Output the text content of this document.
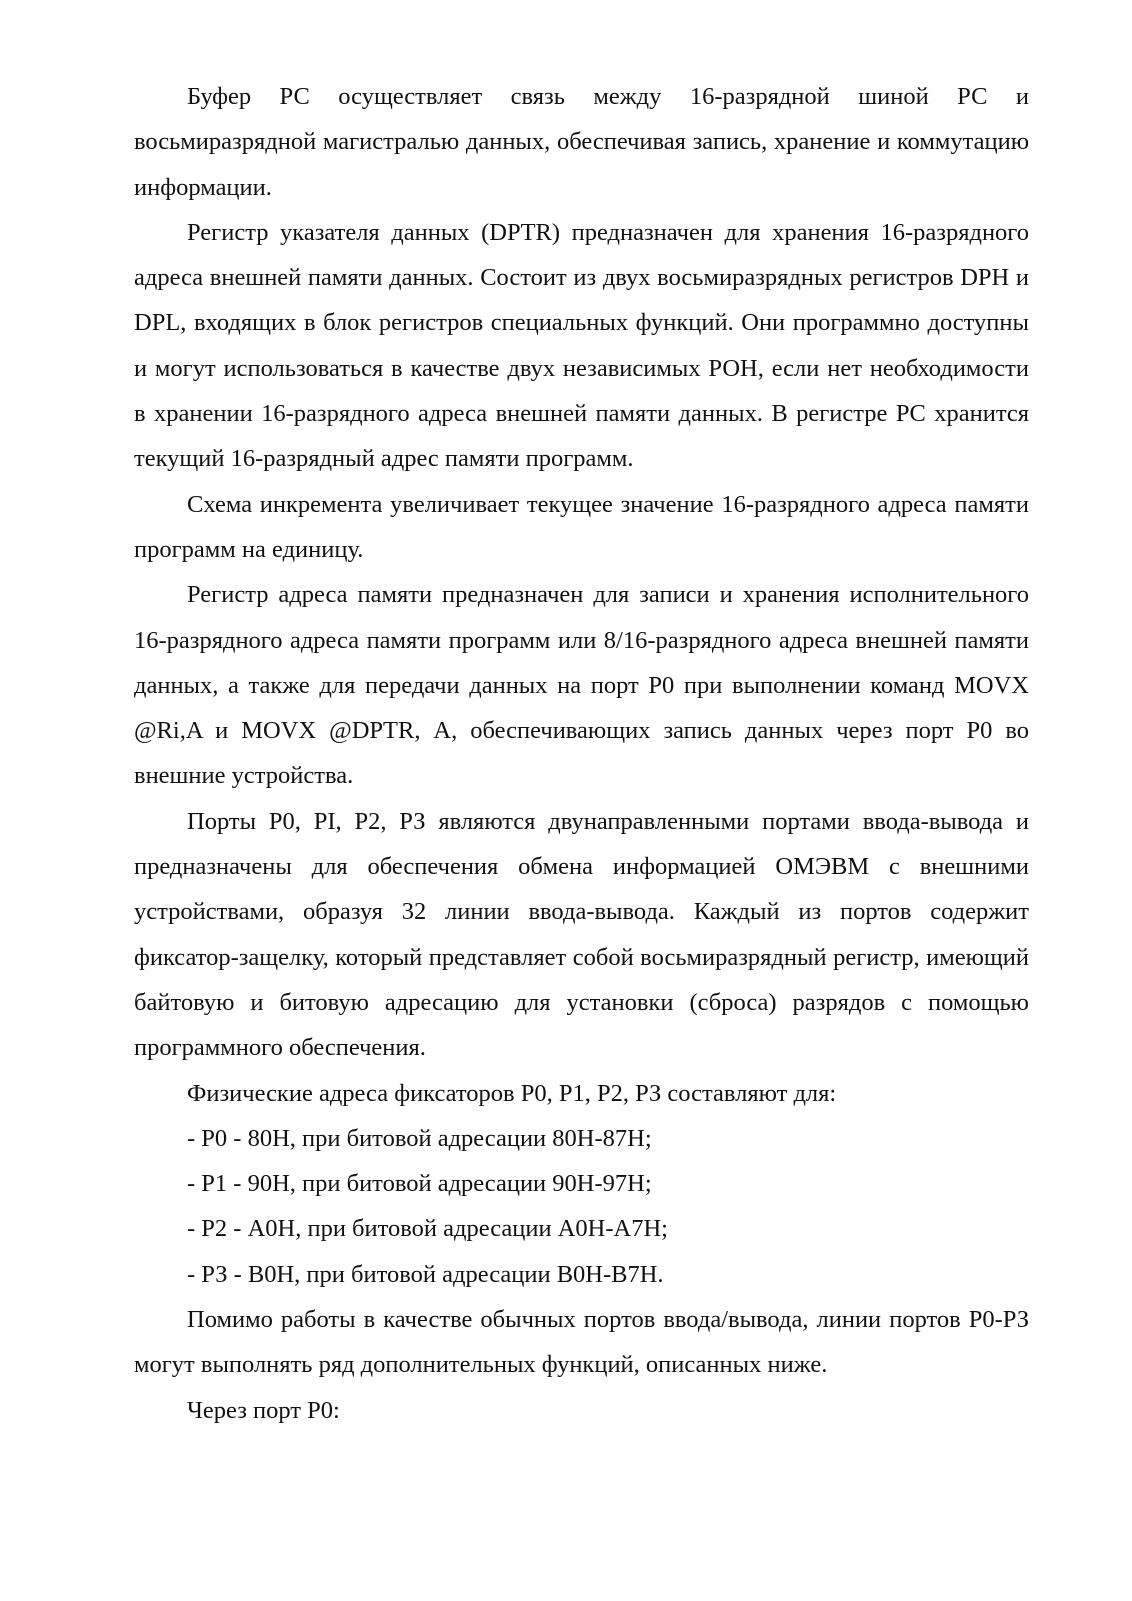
Буфер РС осуществляет связь между 16-разрядной шиной РС и восьмиразрядной магистралью данных, обеспечивая запись, хранение и коммутацию информации.

Регистр указателя данных (DPTR) предназначен для хранения 16-разрядного адреса внешней памяти данных. Состоит из двух восьмиразрядных регистров DPH и DPL, входящих в блок регистров специальных функций. Они программно доступны и могут использоваться в качестве двух независимых РОН, если нет необходимости в хранении 16-разрядного адреса внешней памяти данных. В регистре PC хранится текущий 16-разрядный адрес памяти программ.

Схема инкремента увеличивает текущее значение 16-разрядного адреса памяти программ на единицу.

Регистр адреса памяти предназначен для записи и хранения исполнительного 16-разрядного адреса памяти программ или 8/16-разрядного адреса внешней памяти данных, а также для передачи данных на порт Р0 при выполнении команд MOVX @Ri,A и MOVX @DPTR, А, обеспечивающих запись данных через порт Р0 во внешние устройства.

Порты Р0, PI, Р2, РЗ являются двунаправленными портами ввода-вывода и предназначены для обеспечения обмена информацией ОМЭВМ с внешними устройствами, образуя 32 линии ввода-вывода. Каждый из портов содержит фиксатор-защелку, который представляет собой восьмиразрядный регистр, имеющий байтовую и битовую адресацию для установки (сброса) разрядов с помощью программного обеспечения.

Физические адреса фиксаторов Р0, Р1, Р2, РЗ составляют для:

- Р0 - 80Н, при битовой адресации 80Н-87Н;

- Р1 - 90Н, при битовой адресации 90Н-97Н;

- Р2 - А0Н, при битовой адресации А0Н-А7Н;

- РЗ - В0Н, при битовой адресации В0Н-В7Н.

Помимо работы в качестве обычных портов ввода/вывода, линии портов Р0-РЗ могут выполнять ряд дополнительных функций, описанных ниже.

Через порт Р0:
